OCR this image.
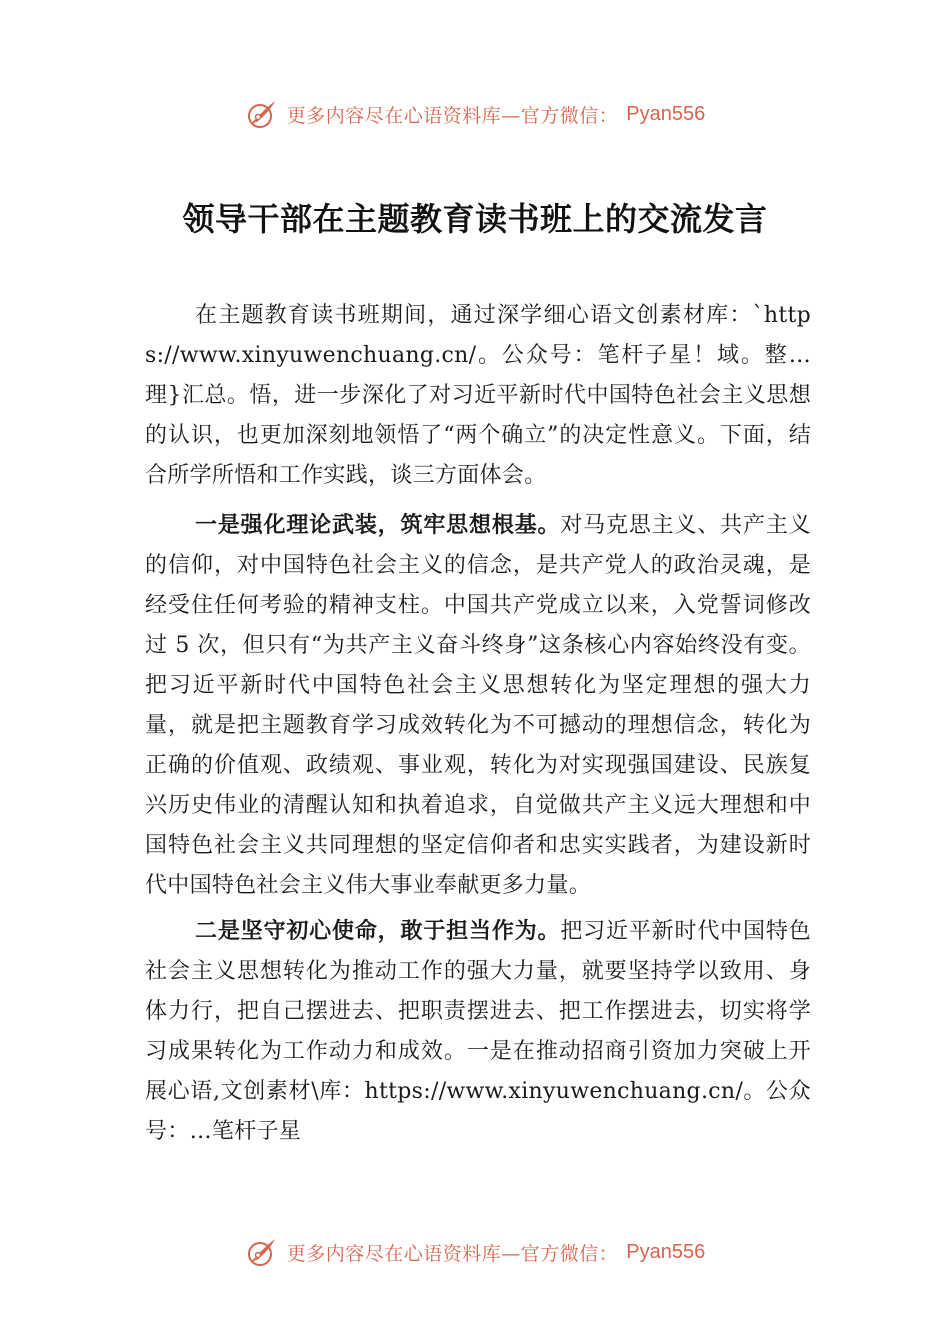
更多内容尽在心语资料库—官方微信： Pyan556
领导干部在主题教育读书班上的交流发言

在主题教育读书班期间，通过深学细心语文创素材库：`https://www.xinyuwenchuang.cn/。公众号：笔杆子星！域。整…理}汇总。悟，进一步深化了对习近平新时代中国特色社会主义思想的认识，也更加深刻地领悟了“两个确立”的决定性意义。下面，结合所学所悟和工作实践，谈三方面体会。

一是强化理论武装，筑牢思想根基。对马克思主义、共产主义的信仰，对中国特色社会主义的信念，是共产党人的政治灵魂，是经受住任何考验的精神支柱。中国共产党成立以来，入党誓词修改过 5 次，但只有“为共产主义奋斗终身”这条核心内容始终没有变。把习近平新时代中国特色社会主义思想转化为坚定理想的强大力量，就是把主题教育学习成效转化为不可撼动的理想信念，转化为正确的价值观、政绩观、事业观，转化为对实现强国建设、民族复兴历史伟业的清醒认知和执着追求，自觉做共产主义远大理想和中国特色社会主义共同理想的坚定信仰者和忠实实践者，为建设新时代中国特色社会主义伟大事业奉献更多力量。

二是坚守初心使命，敢于担当作为。把习近平新时代中国特色社会主义思想转化为推动工作的强大力量，就要坚持学以致用、身体力行，把自己摆进去、把职责摆进去、把工作摆进去，切实将学习成果转化为工作动力和成效。一是在推动招商引资加力突破上开展心语,文创素材\库：https://www.xinyuwenchuang.cn/。公众号：…笔杆子星

更多内容尽在心语资料库—官方微信： Pyan556
